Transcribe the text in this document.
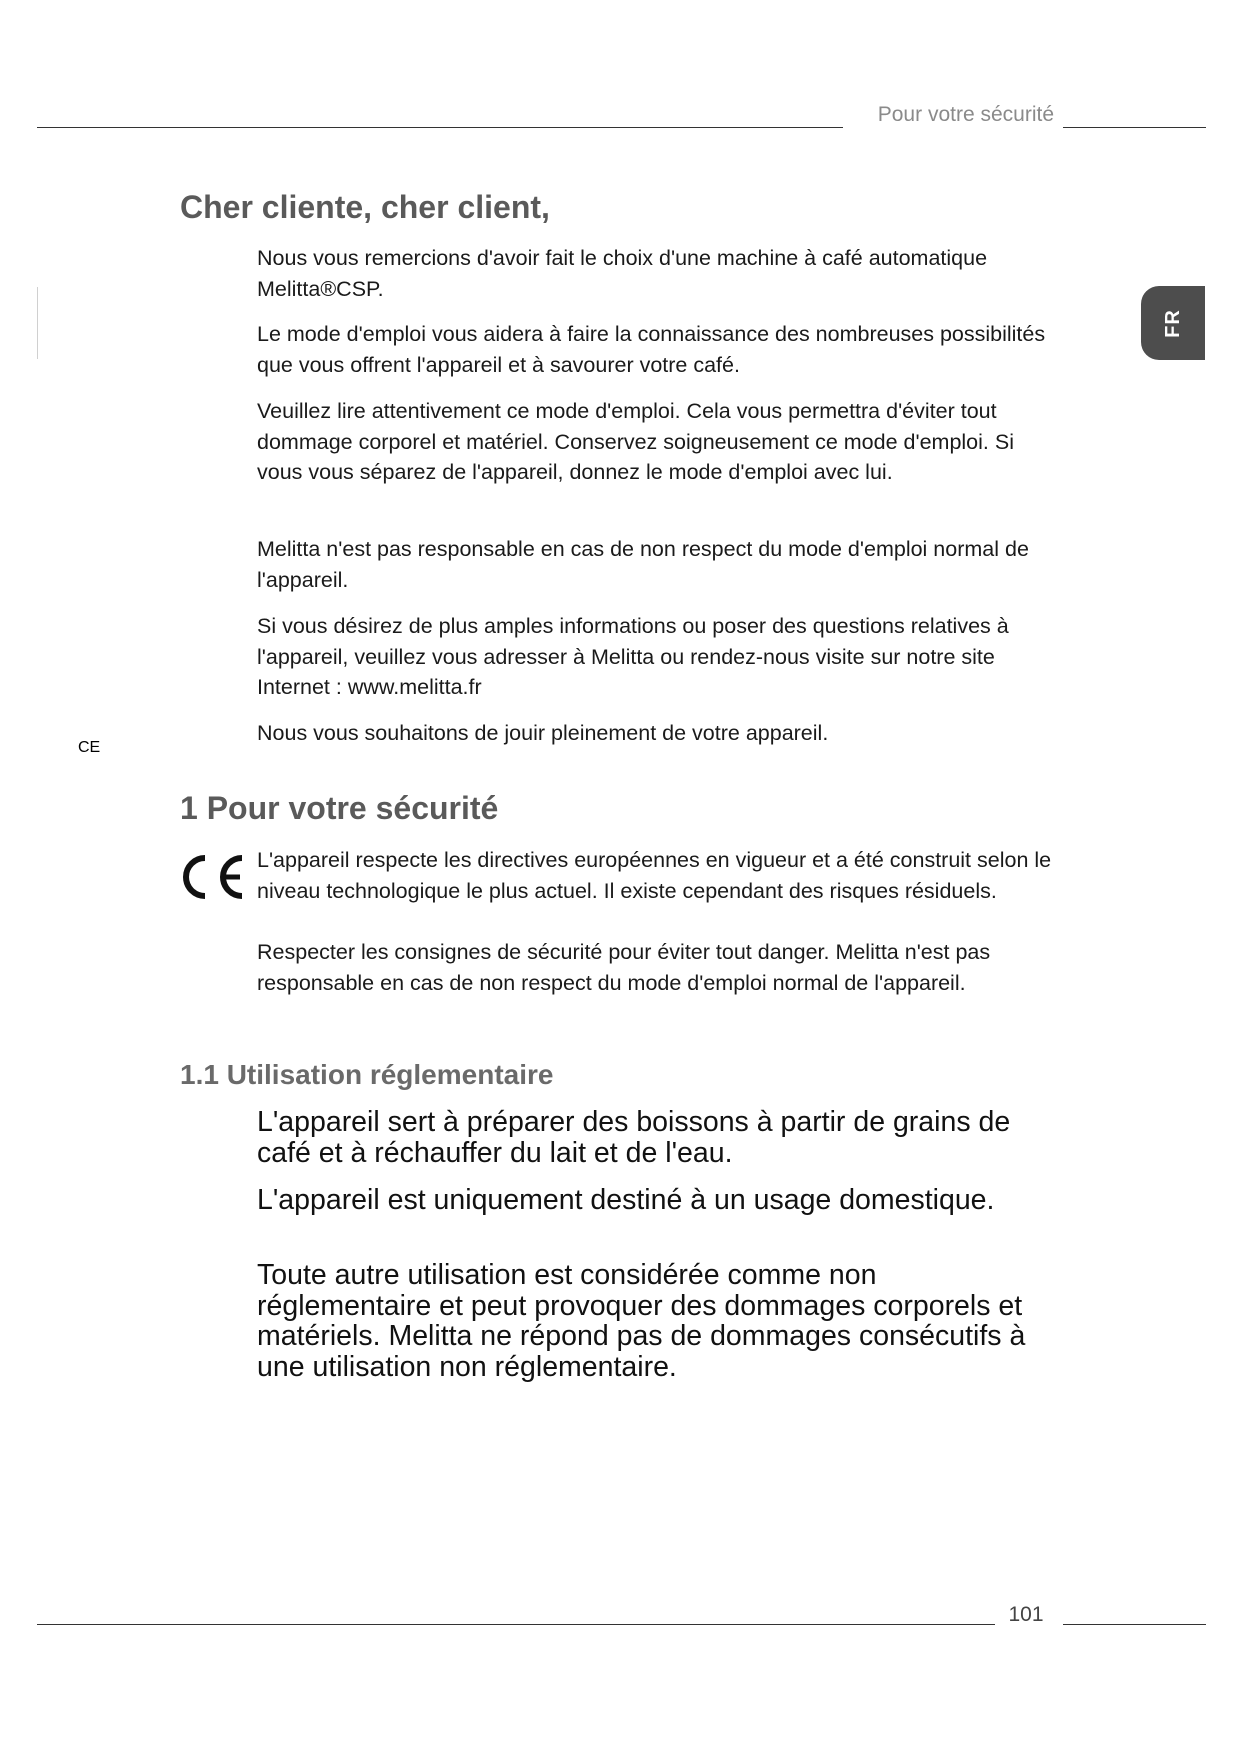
Pour votre sécurité
FR
Cher cliente, cher client,

Nous vous remercions d'avoir fait le choix d'une machine à café automatique Melitta®CSP.

Le mode d'emploi vous aidera à faire la connaissance des nombreuses possibilités que vous offrent l'appareil et à savourer votre café.

Veuillez lire attentivement ce mode d'emploi. Cela vous permettra d'éviter tout dommage corporel et matériel. Conservez soigneusement ce mode d'emploi. Si vous vous séparez de l'appareil, donnez le mode d'emploi avec lui.

Melitta n'est pas responsable en cas de non respect du mode d'emploi normal de l'appareil.

Si vous désirez de plus amples informations ou poser des questions relatives à l'appareil, veuillez vous adresser à Melitta ou rendez-nous visite sur notre site Internet : www.melitta.fr

Nous vous souhaitons de jouir pleinement de votre appareil.

1 Pour votre sécurité
CE

L'appareil respecte les directives européennes en vigueur et a été construit selon le niveau technologique le plus actuel. Il existe cependant des risques résiduels.

Respecter les consignes de sécurité pour éviter tout danger. Melitta n'est pas responsable en cas de non respect du mode d'emploi normal de l'appareil.

1.1 Utilisation réglementaire

L'appareil sert à préparer des boissons à partir de grains de café et à réchauffer du lait et de l'eau.

L'appareil est uniquement destiné à un usage domestique.

Toute autre utilisation est considérée comme non réglementaire et peut provoquer des dommages corporels et matériels. Melitta ne répond pas de dommages consécutifs à une utilisation non réglementaire.

101
